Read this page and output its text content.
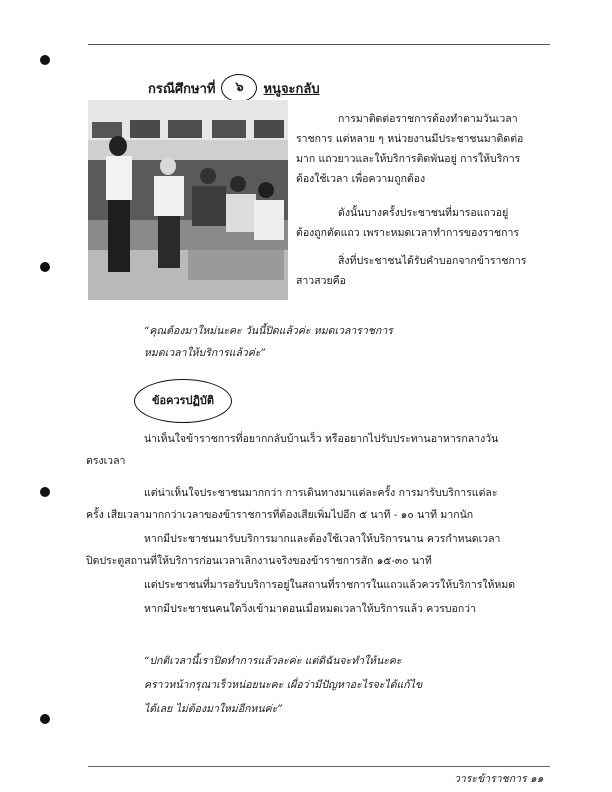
กรณีศึกษาที่	๖	หนูจะกลับ
การมาติดต่อราชการต้องทำตามวันเวลา
ราชการ แต่หลาย ๆ หน่วยงานมีประชาชนมาติดต่อ
มาก แถวยาวและให้บริการติดพันอยู่ การให้บริการ
ต้องใช้เวลา เพื่อความถูกต้อง
ดังนั้นบางครั้งประชาชนที่มารอแถวอยู่
ต้องถูกตัดแถว เพราะหมดเวลาทำการของราชการ
สิ่งที่ประชาชนได้รับคำบอกจากข้าราชการ
สาวสวยคือ
“คุณต้องมาใหม่นะคะ วันนี้ปิดแล้วค่ะ หมดเวลาราชการ
หมดเวลาให้บริการแล้วค่ะ”
ข้อควรปฏิบัติ
น่าเห็นใจข้าราชการที่อยากกลับบ้านเร็ว หรืออยากไปรับประทานอาหารกลางวัน
ตรงเวลา
แต่น่าเห็นใจประชาชนมากกว่า การเดินทางมาแต่ละครั้ง การมารับบริการแต่ละ
ครั้ง เสียเวลามากกว่าเวลาของข้าราชการที่ต้องเสียเพิ่มไปอีก ๕ นาที - ๑๐ นาที มากนัก
หากมีประชาชนมารับบริการมากและต้องใช้เวลาให้บริการนาน ควรกำหนดเวลา
ปิดประตูสถานที่ให้บริการก่อนเวลาเลิกงานจริงของข้าราชการสัก ๑๕-๓๐ นาที
แต่ประชาชนที่มารอรับบริการอยู่ในสถานที่ราชการในแถวแล้วควรให้บริการให้หมด
หากมีประชาชนคนใดวิ่งเข้ามาตอนเมื่อหมดเวลาให้บริการแล้ว ควรบอกว่า
“ปกติเวลานี้เราปิดทำการแล้วละค่ะ แต่ดิฉันจะทำให้นะคะ
คราวหน้ากรุณาเร็วหน่อยนะคะ เผื่อว่ามีปัญหาอะไรจะได้แก้ไข
ได้เลย ไม่ต้องมาใหม่อีกหนค่ะ”
วาระข้าราชการ ๑๑
